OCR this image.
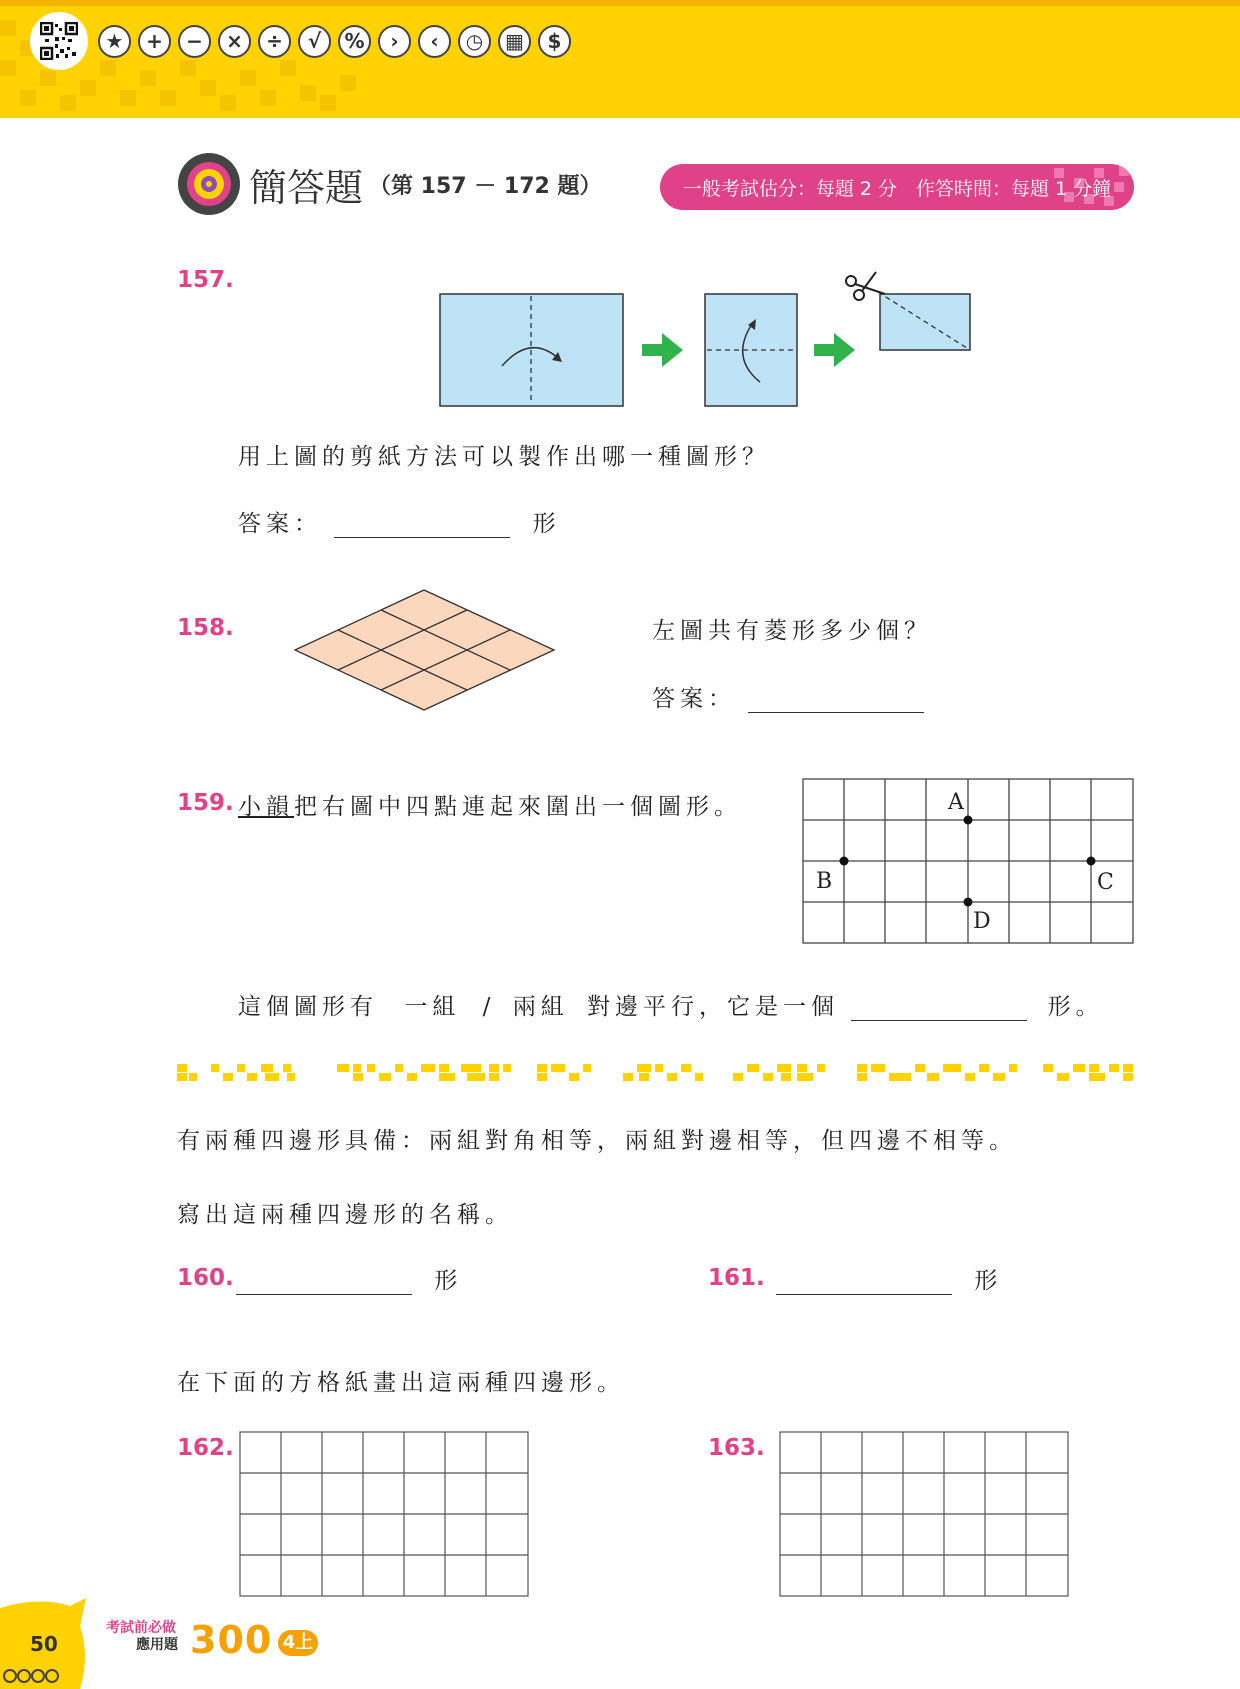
★	+	−	×	÷	√	%	›	‹	◷	▦	$
簡答題 （第 157 － 172 題）	一般考試估分：每題 2 分　作答時間：每題 1 分鐘
157.
用上圖的剪紙方法可以製作出哪一種圖形？
答案：	形
158.	左圖共有菱形多少個？
答案：
159. 小韻把右圖中四點連起來圍出一個圖形。	A
B	C
D
這個圖形有 一組 / 兩組 對邊平行，它是一個	形。
有兩種四邊形具備：兩組對角相等，兩組對邊相等，但四邊不相等。
寫出這兩種四邊形的名稱。
160.	形	161.	形
在下面的方格紙畫出這兩種四邊形。
162.	163.
50
考試前必做
應用題 300 4上
